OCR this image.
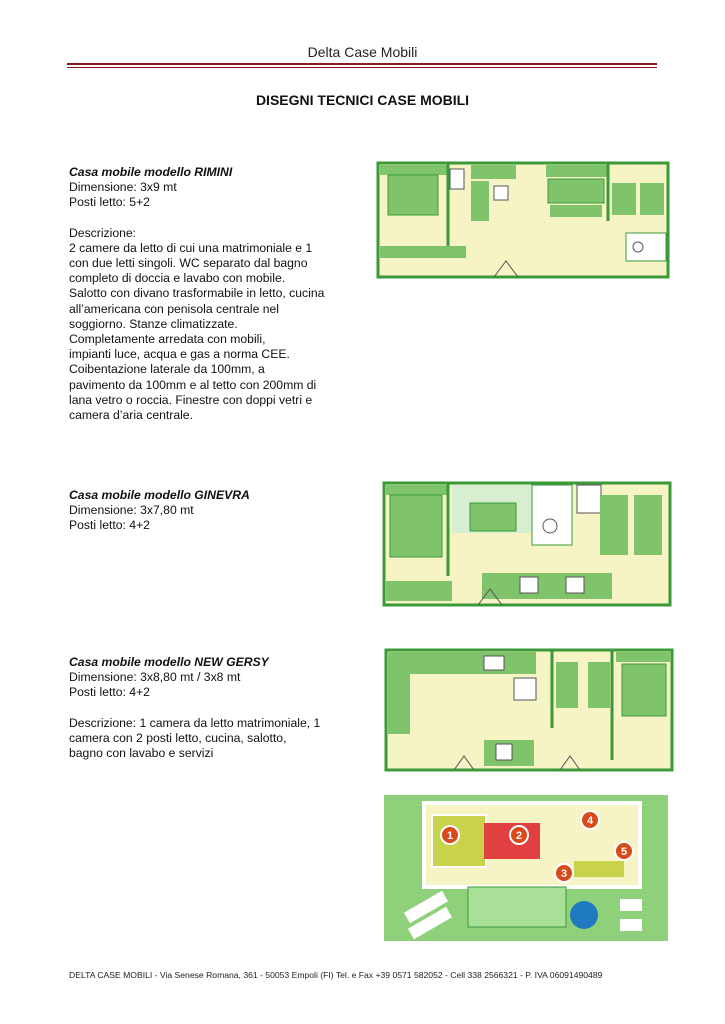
Delta Case Mobili
DISEGNI TECNICI CASE MOBILI

Casa mobile modello RIMINI

Dimensione: 3x9 mt

Posti letto: 5+2

Descrizione:

2 camere da letto di cui una matrimoniale e 1

con due letti singoli. WC separato dal bagno

completo di doccia e lavabo con mobile.

Salotto con divano trasformabile in letto, cucina

all’americana con penisola centrale nel

soggiorno. Stanze climatizzate.

Completamente arredata con mobili,

impianti luce, acqua e gas a norma CEE.

Coibentazione laterale da 100mm, a

pavimento da 100mm e al tetto con 200mm di

lana vetro o roccia. Finestre con doppi vetri e

camera d’aria centrale.

Casa mobile modello GINEVRA

Dimensione: 3x7,80 mt

Posti letto: 4+2

Casa mobile modello NEW GERSY

Dimensione: 3x8,80 mt / 3x8 mt

Posti letto: 4+2

Descrizione: 1 camera da letto matrimoniale, 1

camera con 2 posti letto, cucina, salotto,

bagno con lavabo e servizi

1	2
3
4
5
DELTA CASE MOBILI - Via Senese Romana, 361 - 50053 Empoli (FI) Tel. e Fax +39 0571 582052 - Cell 338 2566321 - P. IVA 06091490489
